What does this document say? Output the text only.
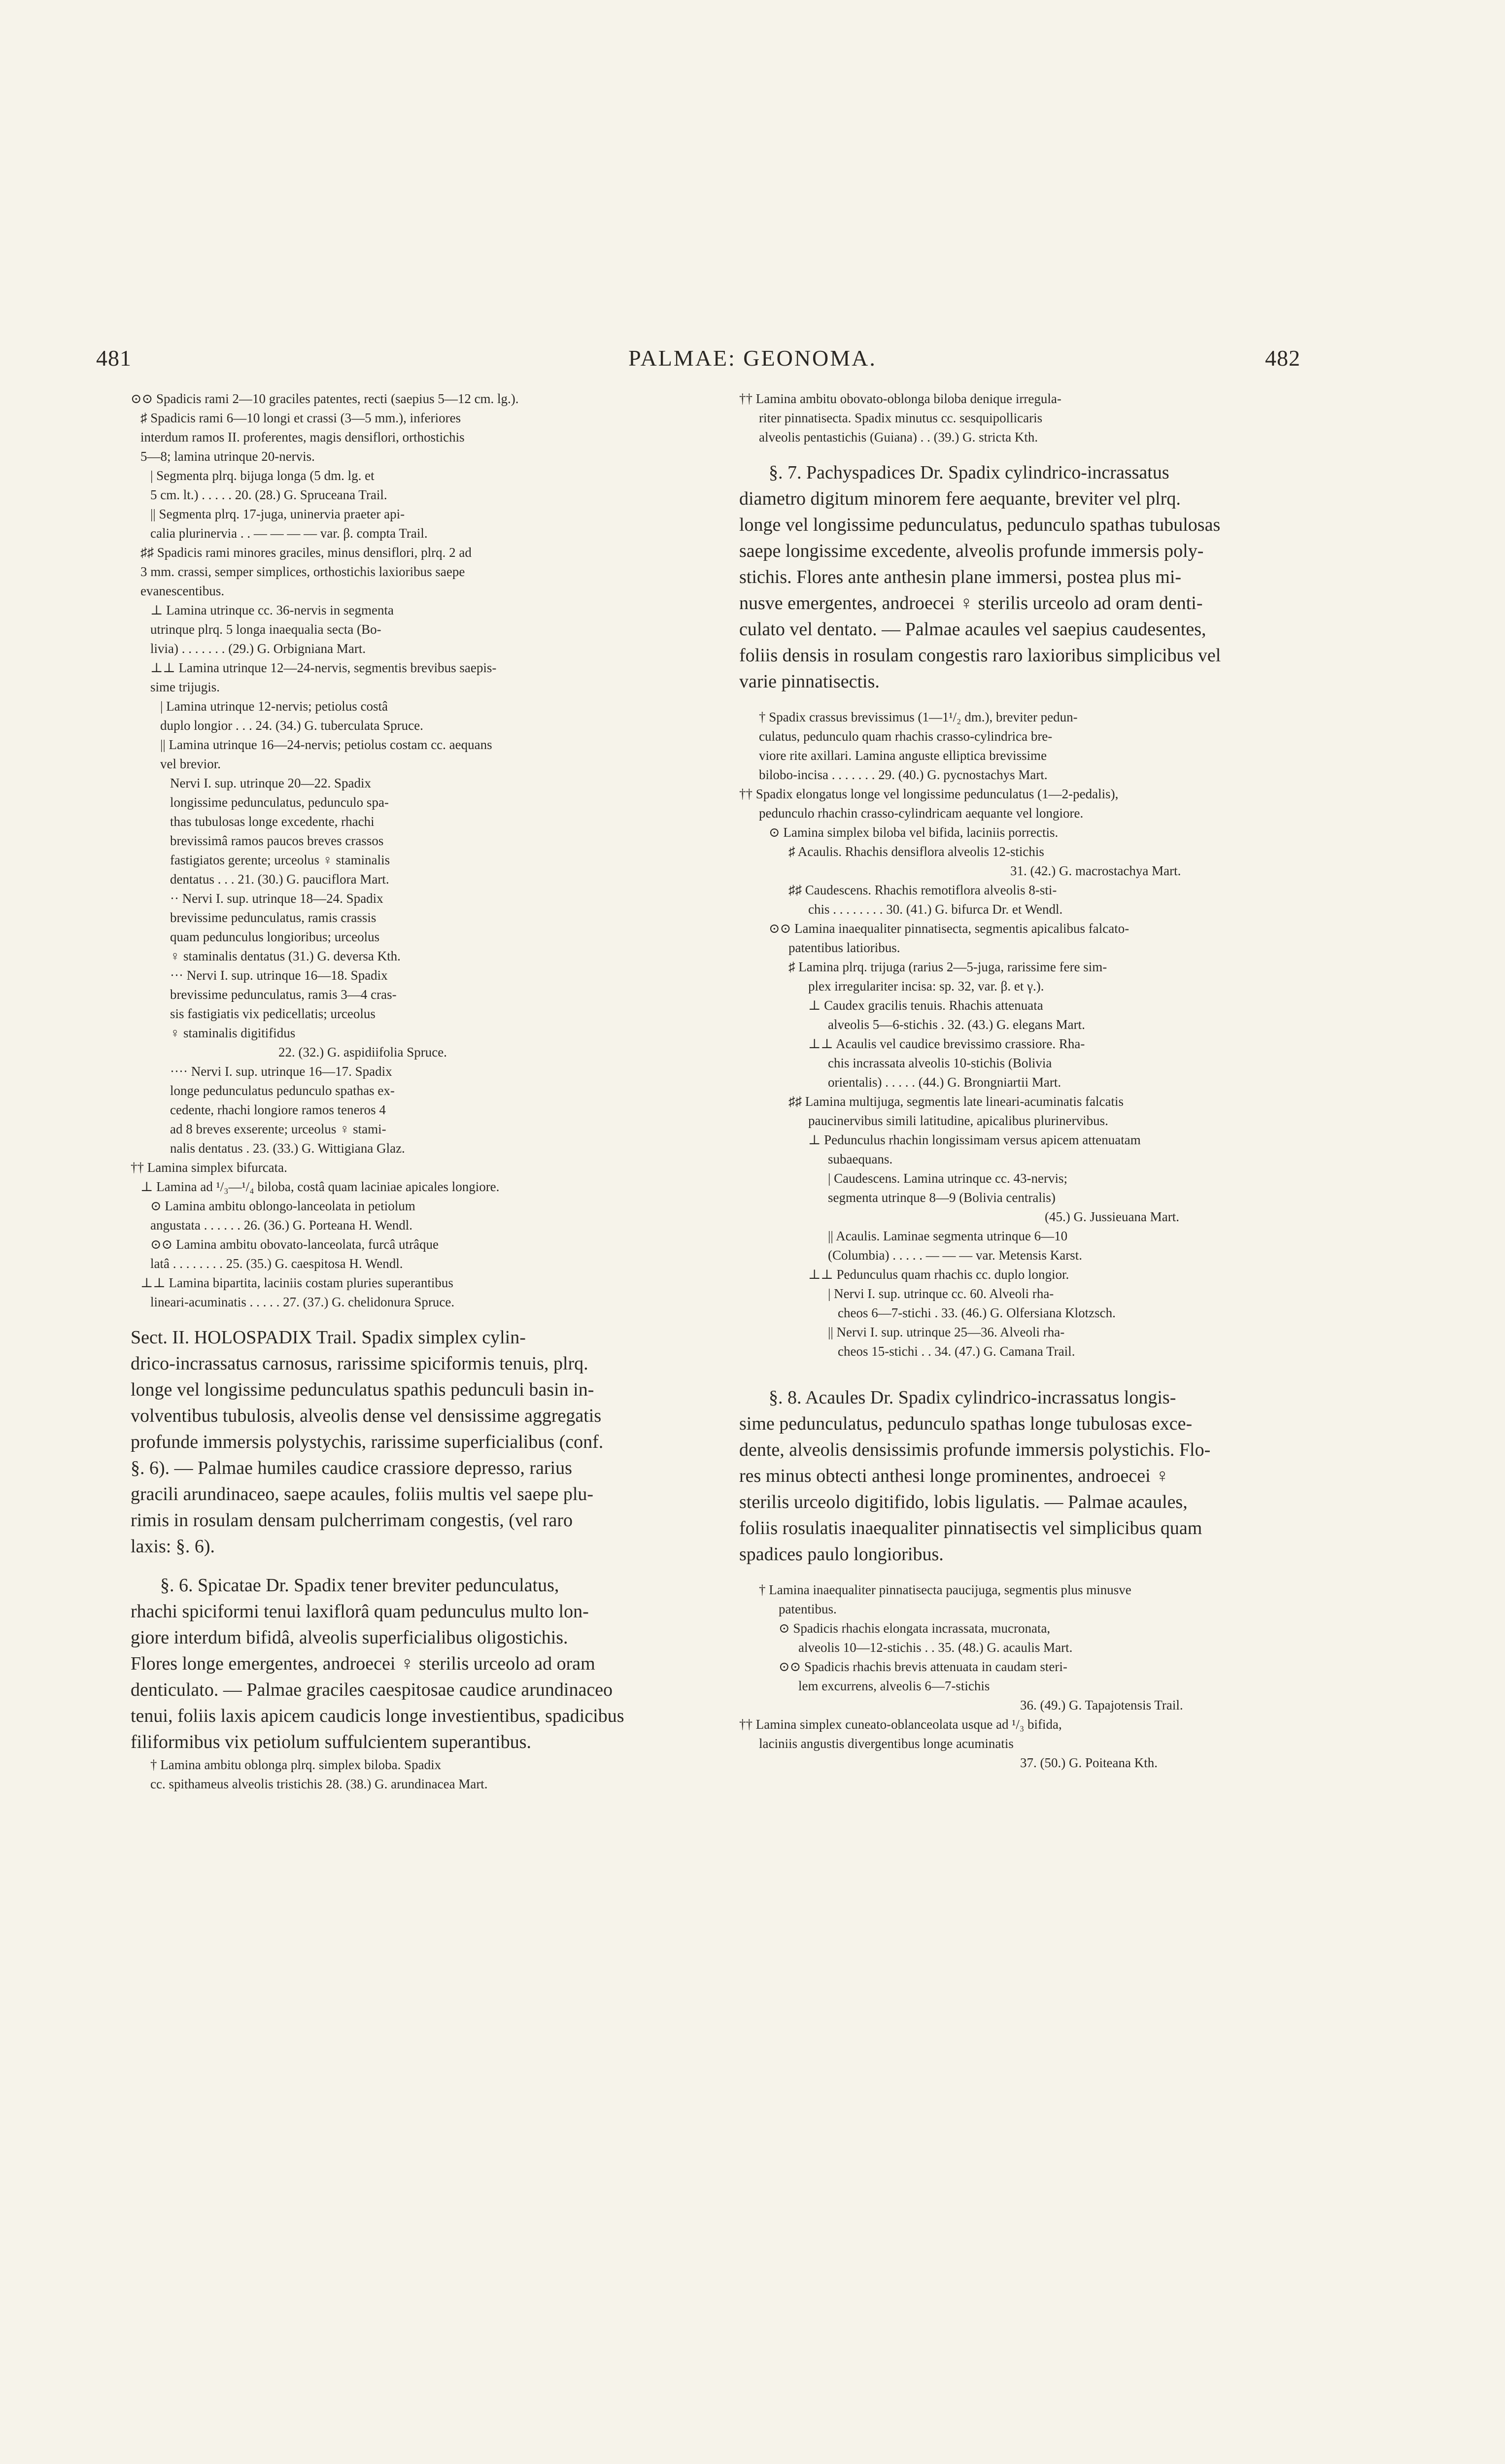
481	PALMAE: GEONOMA.	482
⊙⊙ Spadicis rami 2—10 graciles patentes, recti (saepius 5—12 cm. lg.).
♯ Spadicis rami 6—10 longi et crassi (3—5 mm.), inferiores
interdum ramos II. proferentes, magis densiflori, orthostichis
5—8; lamina utrinque 20-nervis.
| Segmenta plrq. bijuga longa (5 dm. lg. et
5 cm. lt.) . . . . . 20. (28.) G. Spruceana Trail.
|| Segmenta plrq. 17-juga, uninervia praeter api-
calia plurinervia . . — — — — var. β. compta Trail.
♯♯ Spadicis rami minores graciles, minus densiflori, plrq. 2 ad
3 mm. crassi, semper simplices, orthostichis laxioribus saepe
evanescentibus.
⊥ Lamina utrinque cc. 36-nervis in segmenta
utrinque plrq. 5 longa inaequalia secta (Bo-
livia) . . . . . . . (29.) G. Orbigniana Mart.
⊥⊥ Lamina utrinque 12—24-nervis, segmentis brevibus saepis-
sime trijugis.
| Lamina utrinque 12-nervis; petiolus costâ
duplo longior . . . 24. (34.) G. tuberculata Spruce.
|| Lamina utrinque 16—24-nervis; petiolus costam cc. aequans
vel brevior.
Nervi I. sup. utrinque 20—22. Spadix
longissime pedunculatus, pedunculo spa-
thas tubulosas longe excedente, rhachi
brevissimâ ramos paucos breves crassos
fastigiatos gerente; urceolus ♀ staminalis
dentatus . . . 21. (30.) G. pauciflora Mart.
·· Nervi I. sup. utrinque 18—24. Spadix
brevissime pedunculatus, ramis crassis
quam pedunculus longioribus; urceolus
♀ staminalis dentatus (31.) G. deversa Kth.
··· Nervi I. sup. utrinque 16—18. Spadix
brevissime pedunculatus, ramis 3—4 cras-
sis fastigiatis vix pedicellatis; urceolus
♀ staminalis digitifidus
22. (32.) G. aspidiifolia Spruce.
···· Nervi I. sup. utrinque 16—17. Spadix
longe pedunculatus pedunculo spathas ex-
cedente, rhachi longiore ramos teneros 4
ad 8 breves exserente; urceolus ♀ stami-
nalis dentatus . 23. (33.) G. Wittigiana Glaz.
†† Lamina simplex bifurcata.
⊥ Lamina ad ¹/₃—¹/₄ biloba, costâ quam laciniae apicales longiore.
⊙ Lamina ambitu oblongo-lanceolata in petiolum
angustata . . . . . . 26. (36.) G. Porteana H. Wendl.
⊙⊙ Lamina ambitu obovato-lanceolata, furcâ utrâque
latâ . . . . . . . . 25. (35.) G. caespitosa H. Wendl.
⊥⊥ Lamina bipartita, laciniis costam pluries superantibus
lineari-acuminatis . . . . . 27. (37.) G. chelidonura Spruce.
Sect. II. HOLOSPADIX Trail. Spadix simplex cylin-
drico-incrassatus carnosus, rarissime spiciformis tenuis, plrq.
longe vel longissime pedunculatus spathis pedunculi basin in-
volventibus tubulosis, alveolis dense vel densissime aggregatis
profunde immersis polystychis, rarissime superficialibus (conf.
§. 6). — Palmae humiles caudice crassiore depresso, rarius
gracili arundinaceo, saepe acaules, foliis multis vel saepe plu-
rimis in rosulam densam pulcherrimam congestis, (vel raro
laxis: §. 6).
§. 6. Spicatae Dr. Spadix tener breviter pedunculatus,
rhachi spiciformi tenui laxiflorâ quam pedunculus multo lon-
giore interdum bifidâ, alveolis superficialibus oligostichis.
Flores longe emergentes, androecei ♀ sterilis urceolo ad oram
denticulato. — Palmae graciles caespitosae caudice arundinaceo
tenui, foliis laxis apicem caudicis longe investientibus, spadicibus
filiformibus vix petiolum suffulcientem superantibus.
† Lamina ambitu oblonga plrq. simplex biloba. Spadix
cc. spithameus alveolis tristichis 28. (38.) G. arundinacea Mart.
†† Lamina ambitu obovato-oblonga biloba denique irregula-
riter pinnatisecta. Spadix minutus cc. sesquipollicaris
alveolis pentastichis (Guiana) . . (39.) G. stricta Kth.
§. 7. Pachyspadices Dr. Spadix cylindrico-incrassatus
diametro digitum minorem fere aequante, breviter vel plrq.
longe vel longissime pedunculatus, pedunculo spathas tubulosas
saepe longissime excedente, alveolis profunde immersis poly-
stichis. Flores ante anthesin plane immersi, postea plus mi-
nusve emergentes, androecei ♀ sterilis urceolo ad oram denti-
culato vel dentato. — Palmae acaules vel saepius caudesentes,
foliis densis in rosulam congestis raro laxioribus simplicibus vel
varie pinnatisectis.
† Spadix crassus brevissimus (1—1¹/₂ dm.), breviter pedun-
culatus, pedunculo quam rhachis crasso-cylindrica bre-
viore rite axillari. Lamina anguste elliptica brevissime
bilobo-incisa . . . . . . . 29. (40.) G. pycnostachys Mart.
†† Spadix elongatus longe vel longissime pedunculatus (1—2-pedalis),
pedunculo rhachin crasso-cylindricam aequante vel longiore.
⊙ Lamina simplex biloba vel bifida, laciniis porrectis.
♯ Acaulis. Rhachis densiflora alveolis 12-stichis
31. (42.) G. macrostachya Mart.
♯♯ Caudescens. Rhachis remotiflora alveolis 8-sti-
chis . . . . . . . . 30. (41.) G. bifurca Dr. et Wendl.
⊙⊙ Lamina inaequaliter pinnatisecta, segmentis apicalibus falcato-
patentibus latioribus.
♯ Lamina plrq. trijuga (rarius 2—5-juga, rarissime fere sim-
plex irregulariter incisa: sp. 32, var. β. et γ.).
⊥ Caudex gracilis tenuis. Rhachis attenuata
alveolis 5—6-stichis . 32. (43.) G. elegans Mart.
⊥⊥ Acaulis vel caudice brevissimo crassiore. Rha-
chis incrassata alveolis 10-stichis (Bolivia
orientalis) . . . . . (44.) G. Brongniartii Mart.
♯♯ Lamina multijuga, segmentis late lineari-acuminatis falcatis
paucinervibus simili latitudine, apicalibus plurinervibus.
⊥ Pedunculus rhachin longissimam versus apicem attenuatam
subaequans.
| Caudescens. Lamina utrinque cc. 43-nervis;
segmenta utrinque 8—9 (Bolivia centralis)
(45.) G. Jussieuana Mart.
|| Acaulis. Laminae segmenta utrinque 6—10
(Columbia) . . . . . — — — var. Metensis Karst.
⊥⊥ Pedunculus quam rhachis cc. duplo longior.
| Nervi I. sup. utrinque cc. 60. Alveoli rha-
cheos 6—7-stichi . 33. (46.) G. Olfersiana Klotzsch.
|| Nervi I. sup. utrinque 25—36. Alveoli rha-
cheos 15-stichi . . 34. (47.) G. Camana Trail.
§. 8. Acaules Dr. Spadix cylindrico-incrassatus longis-
sime pedunculatus, pedunculo spathas longe tubulosas exce-
dente, alveolis densissimis profunde immersis polystichis. Flo-
res minus obtecti anthesi longe prominentes, androecei ♀
sterilis urceolo digitifido, lobis ligulatis. — Palmae acaules,
foliis rosulatis inaequaliter pinnatisectis vel simplicibus quam
spadices paulo longioribus.
† Lamina inaequaliter pinnatisecta paucijuga, segmentis plus minusve
patentibus.
⊙ Spadicis rhachis elongata incrassata, mucronata,
alveolis 10—12-stichis . . 35. (48.) G. acaulis Mart.
⊙⊙ Spadicis rhachis brevis attenuata in caudam steri-
lem excurrens, alveolis 6—7-stichis
36. (49.) G. Tapajotensis Trail.
†† Lamina simplex cuneato-oblanceolata usque ad ¹/₃ bifida,
laciniis angustis divergentibus longe acuminatis
37. (50.) G. Poiteana Kth.
